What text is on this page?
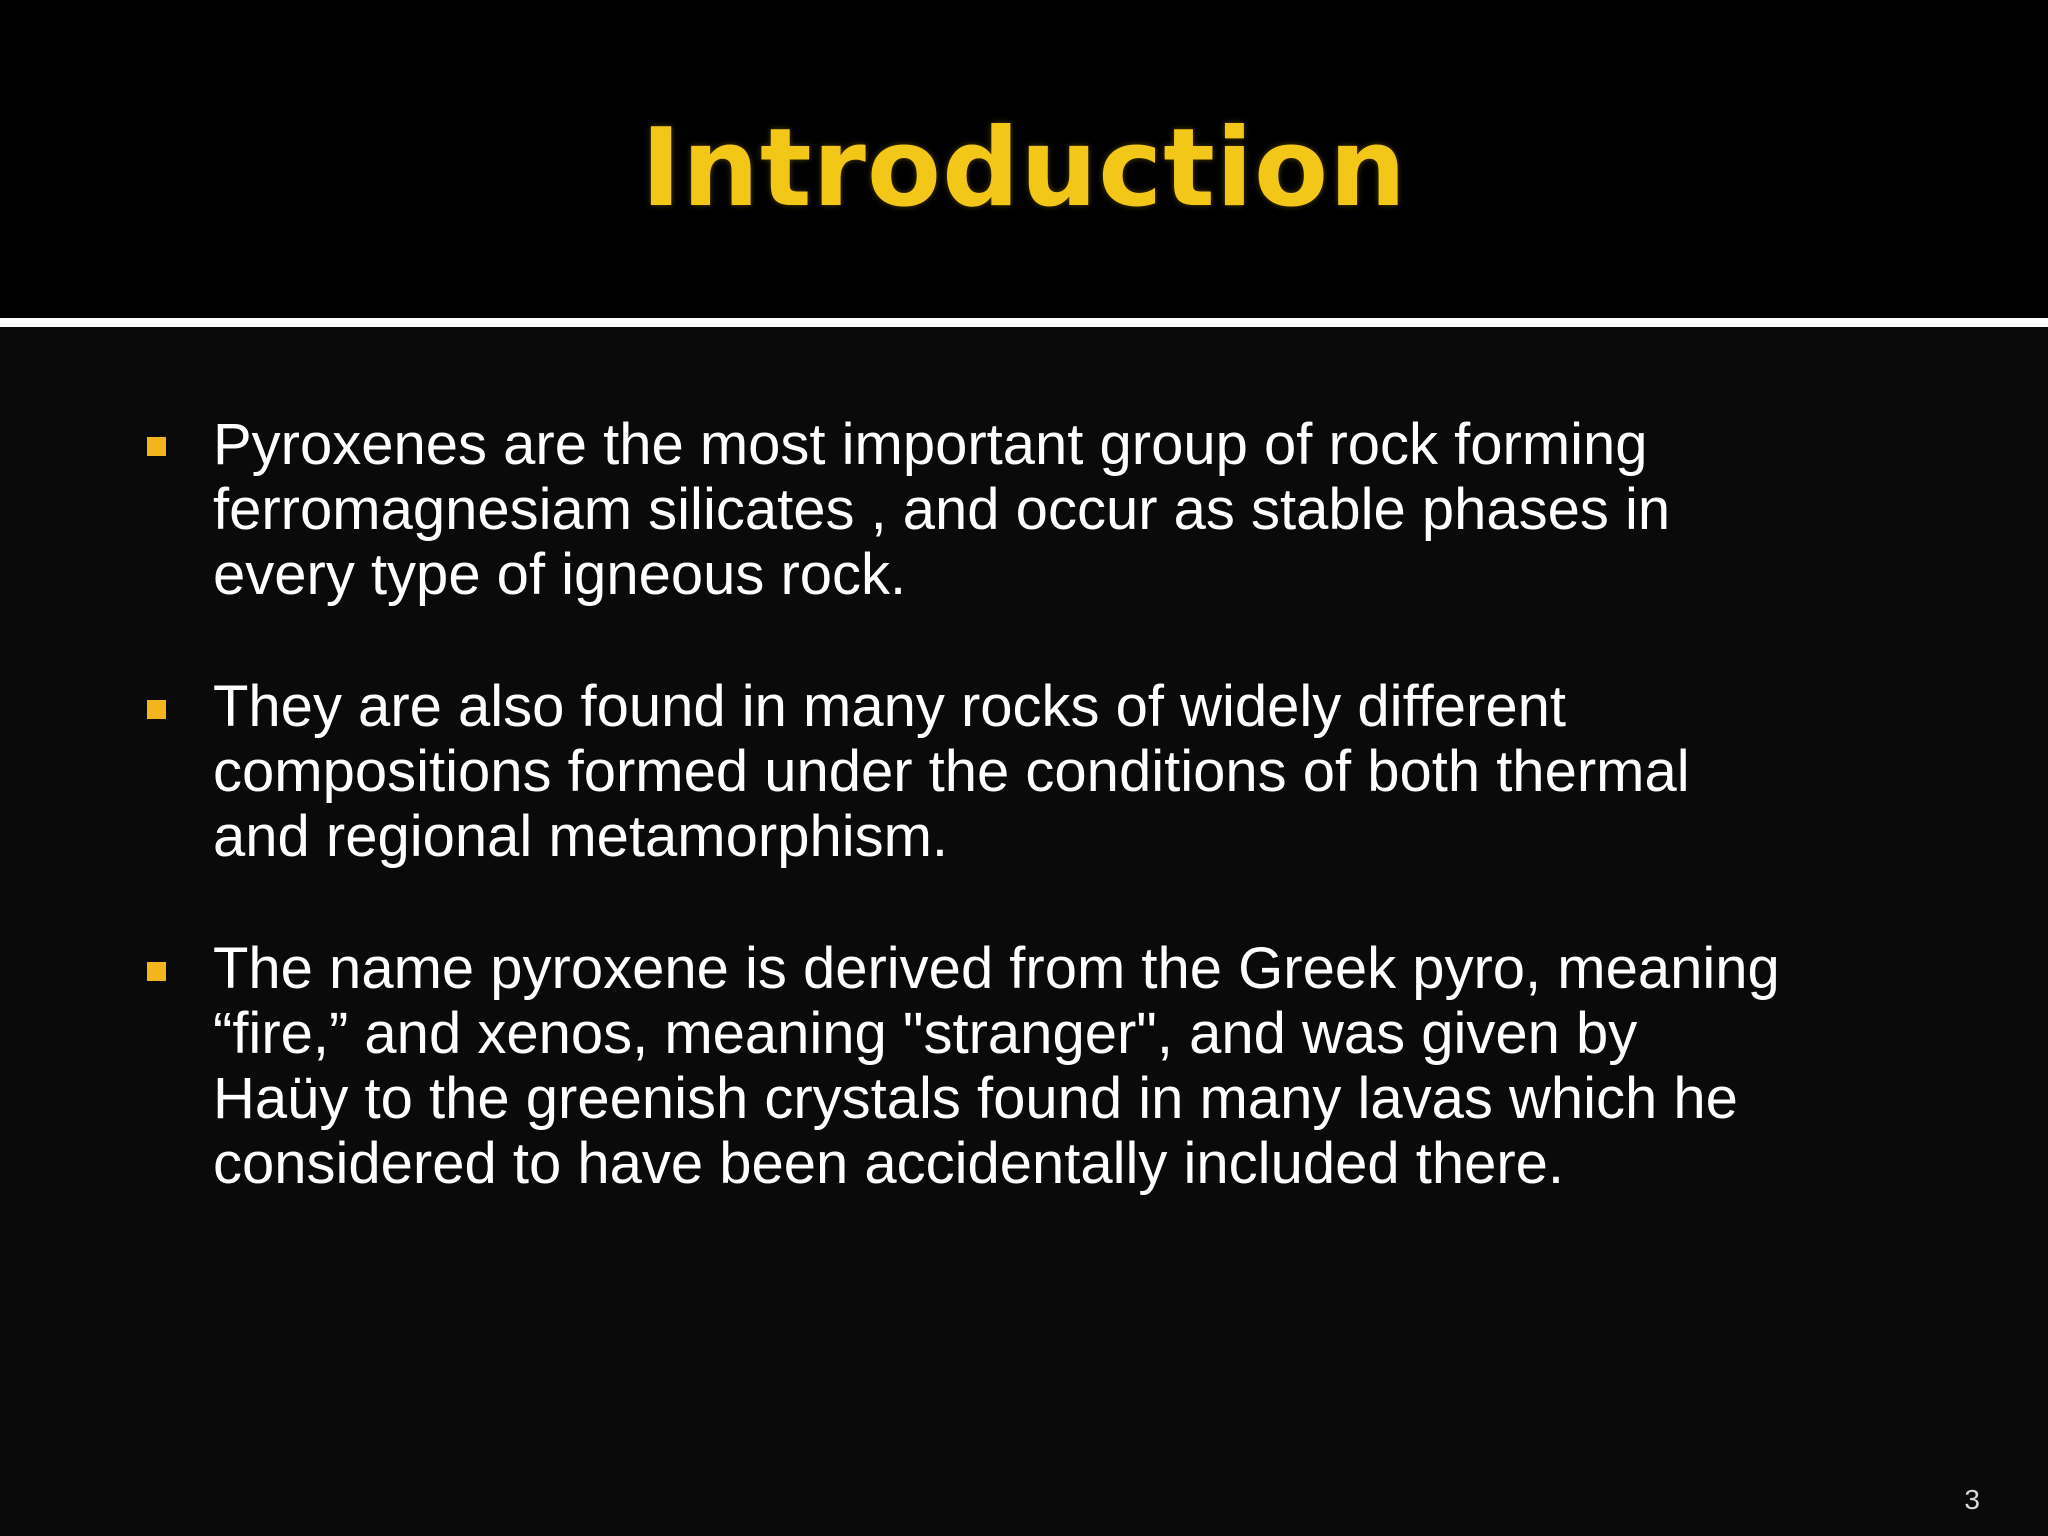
Introduction
Pyroxenes are the most important group of rock forming
ferromagnesiam silicates , and occur as stable phases in
every type of igneous rock.
They are also found in many rocks of widely different
compositions formed under the conditions of both thermal
and regional metamorphism.
The name pyroxene is derived from the Greek pyro, meaning
“fire,” and xenos, meaning "stranger", and was given by
Haüy to the greenish crystals found in many lavas which he
considered to have been accidentally included there.
3
